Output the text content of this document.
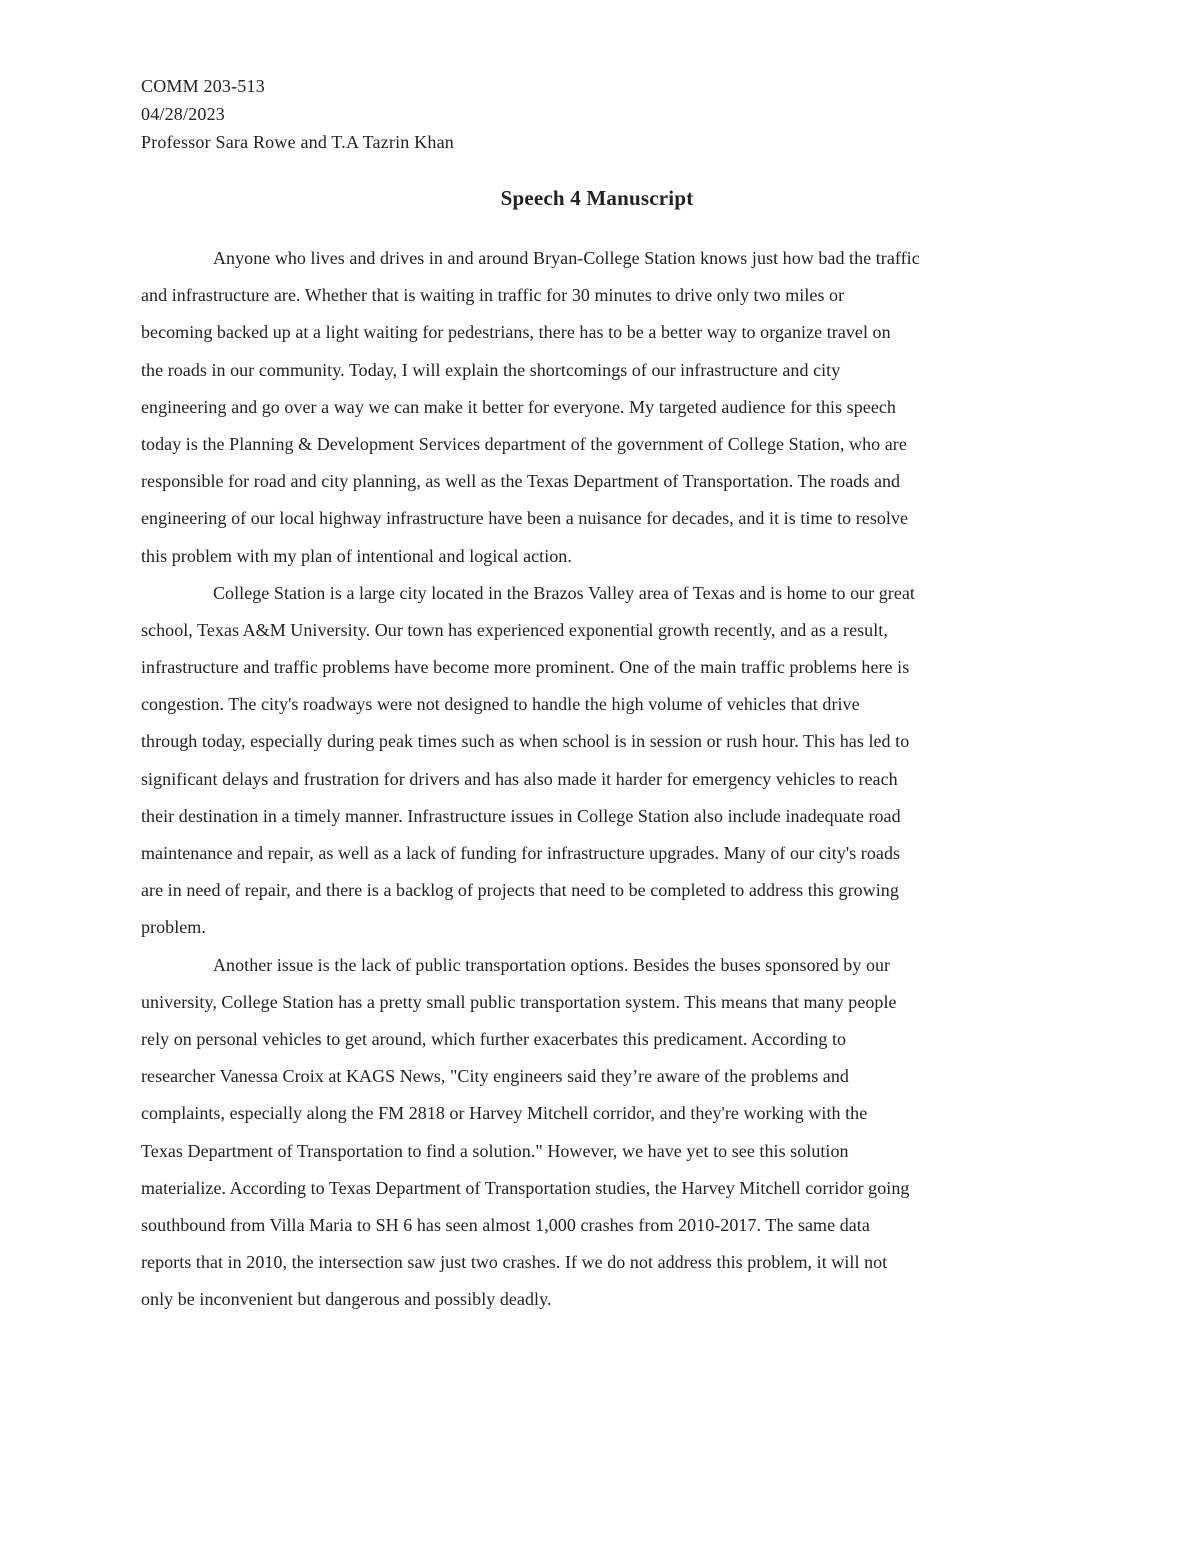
COMM 203-513
04/28/2023
Professor Sara Rowe and T.A Tazrin Khan
Speech 4 Manuscript
Anyone who lives and drives in and around Bryan-College Station knows just how bad the traffic
and infrastructure are. Whether that is waiting in traffic for 30 minutes to drive only two miles or
becoming backed up at a light waiting for pedestrians, there has to be a better way to organize travel on
the roads in our community. Today, I will explain the shortcomings of our infrastructure and city
engineering and go over a way we can make it better for everyone. My targeted audience for this speech
today is the Planning & Development Services department of the government of College Station, who are
responsible for road and city planning, as well as the Texas Department of Transportation. The roads and
engineering of our local highway infrastructure have been a nuisance for decades, and it is time to resolve
this problem with my plan of intentional and logical action.
College Station is a large city located in the Brazos Valley area of Texas and is home to our great
school, Texas A&M University. Our town has experienced exponential growth recently, and as a result,
infrastructure and traffic problems have become more prominent. One of the main traffic problems here is
congestion. The city's roadways were not designed to handle the high volume of vehicles that drive
through today, especially during peak times such as when school is in session or rush hour. This has led to
significant delays and frustration for drivers and has also made it harder for emergency vehicles to reach
their destination in a timely manner. Infrastructure issues in College Station also include inadequate road
maintenance and repair, as well as a lack of funding for infrastructure upgrades. Many of our city's roads
are in need of repair, and there is a backlog of projects that need to be completed to address this growing
problem.
Another issue is the lack of public transportation options. Besides the buses sponsored by our
university, College Station has a pretty small public transportation system. This means that many people
rely on personal vehicles to get around, which further exacerbates this predicament. According to
researcher Vanessa Croix at KAGS News, "City engineers said they’re aware of the problems and
complaints, especially along the FM 2818 or Harvey Mitchell corridor, and they're working with the
Texas Department of Transportation to find a solution." However, we have yet to see this solution
materialize. According to Texas Department of Transportation studies, the Harvey Mitchell corridor going
southbound from Villa Maria to SH 6 has seen almost 1,000 crashes from 2010-2017. The same data
reports that in 2010, the intersection saw just two crashes. If we do not address this problem, it will not
only be inconvenient but dangerous and possibly deadly.
